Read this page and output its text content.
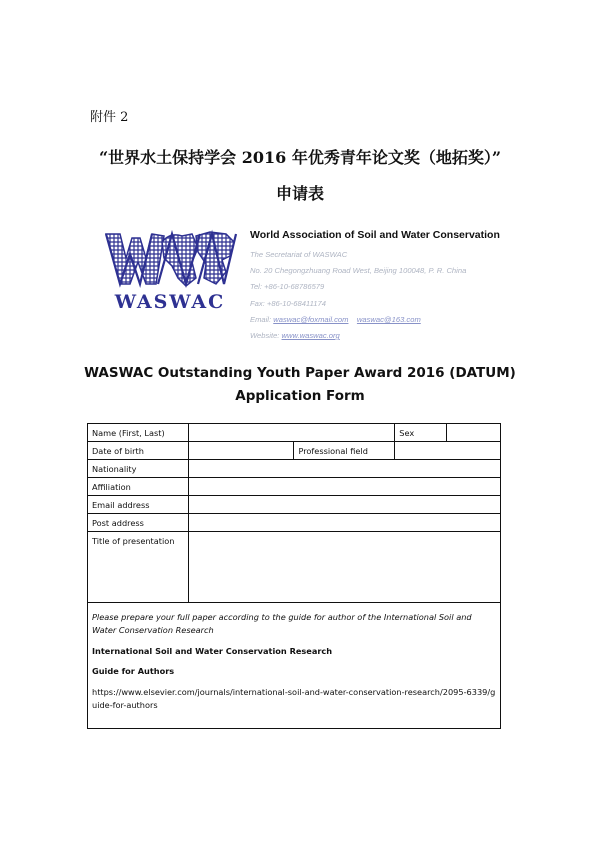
附件 2
“世界水土保持学会 2016 年优秀青年论文奖（地拓奖）”
申请表
WASWAC
World Association of Soil and Water Conservation
The Secretariat of WASWAC
No. 20 Chegongzhuang Road West, Beijing 100048, P. R. China
Tel: +86-10-68786579
Fax: +86-10-68411174
Email: waswac@foxmail.com waswac@163.com
Website: www.waswac.org
WASWAC Outstanding Youth Paper Award 2016 (DATUM)
Application Form
Name (First, Last)			Sex	
Date of birth		Professional field		
Nationality				
Affiliation				
Email address				
Post address				
Title of presentation				

Please prepare your full paper according to the guide for author of the International Soil and Water Conservation Research
International Soil and Water Conservation Research
Guide for Authors
https://www.elsevier.com/journals/international-soil-and-water-conservation-research/2095-6339/guide-for-authors				
